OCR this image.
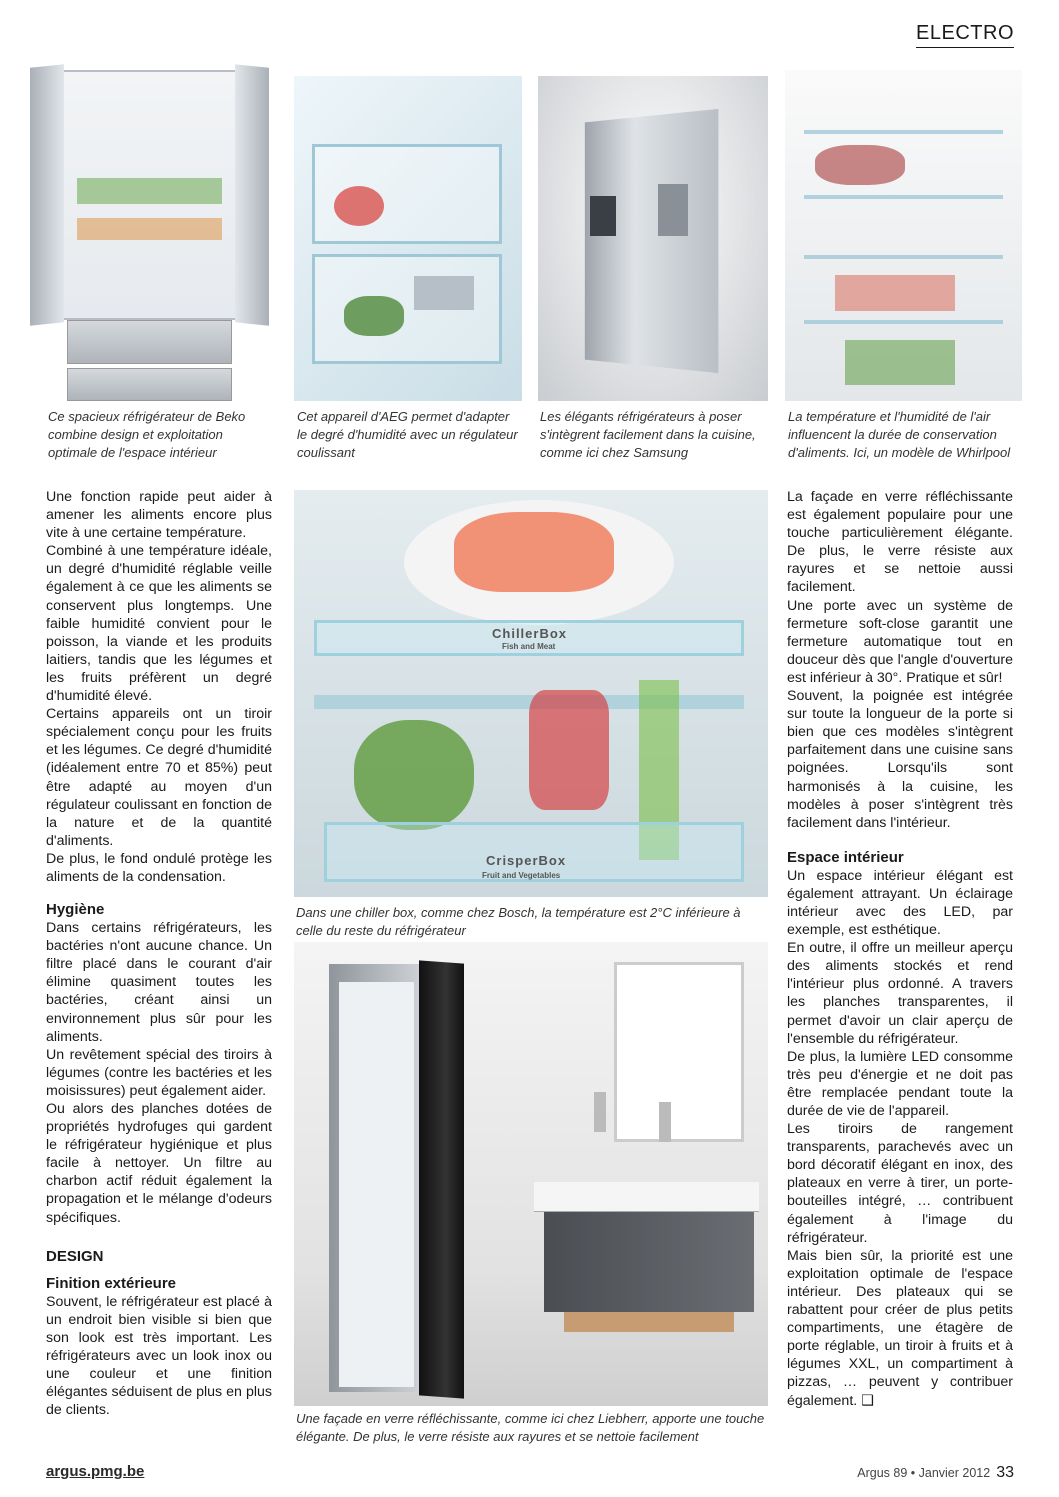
ELECTRO
Ce spacieux réfrigérateur de Beko combine design et exploitation optimale de l'espace intérieur
Cet appareil d'AEG permet d'adapter le degré d'humidité avec un régulateur coulissant
Les élégants réfrigérateurs à poser s'intègrent facilement dans la cuisine, comme ici chez Samsung
La température et l'humidité de l'air influencent la durée de conservation d'aliments. Ici, un modèle de Whirlpool
ChillerBox
Fish and Meat
CrisperBox
Fruit and Vegetables
Dans une chiller box, comme chez Bosch, la température est 2°C inférieure à celle du reste du réfrigérateur
Une façade en verre réfléchissante, comme ici chez Liebherr, apporte une touche élégante. De plus, le verre résiste aux rayures et se nettoie facilement

Une fonction rapide peut aider à amener les aliments encore plus vite à une certaine température.

Combiné à une température idéale, un degré d'humidité réglable veille également à ce que les aliments se conservent plus longtemps. Une faible humidité convient pour le poisson, la viande et les produits laitiers, tandis que les légumes et les fruits préfèrent un degré d'humidité élevé.

Certains appareils ont un tiroir spécialement conçu pour les fruits et les légumes. Ce degré d'humidité (idéalement entre 70 et 85%) peut être adapté au moyen d'un régulateur coulissant en fonction de la nature et de la quantité d'aliments.

De plus, le fond ondulé protège les aliments de la condensation.

Hygiène

Dans certains réfrigérateurs, les bactéries n'ont aucune chance. Un filtre placé dans le courant d'air élimine quasiment toutes les bactéries, créant ainsi un environnement plus sûr pour les aliments.

Un revêtement spécial des tiroirs à légumes (contre les bactéries et les moisissures) peut également aider.

Ou alors des planches dotées de propriétés hydrofuges qui gardent le réfrigérateur hygiénique et plus facile à nettoyer. Un filtre au charbon actif réduit également la propagation et le mélange d'odeurs spécifiques.

DESIGN
Finition extérieure

Souvent, le réfrigérateur est placé à un endroit bien visible si bien que son look est très important. Les réfrigérateurs avec un look inox ou une couleur et une finition élégantes séduisent de plus en plus de clients.

La façade en verre réfléchissante est également populaire pour une touche particulièrement élégante. De plus, le verre résiste aux rayures et se nettoie aussi facilement.

Une porte avec un système de fermeture soft-close garantit une fermeture automatique tout en douceur dès que l'angle d'ouverture est inférieur à 30°. Pratique et sûr!

Souvent, la poignée est intégrée sur toute la longueur de la porte si bien que ces modèles s'intègrent parfaitement dans une cuisine sans poignées. Lorsqu'ils sont harmonisés à la cuisine, les modèles à poser s'intègrent très facilement dans l'intérieur.

Espace intérieur

Un espace intérieur élégant est également attrayant. Un éclairage intérieur avec des LED, par exemple, est esthétique.

En outre, il offre un meilleur aperçu des aliments stockés et rend l'intérieur plus ordonné. A travers les planches transparentes, il permet d'avoir un clair aperçu de l'ensemble du réfrigérateur.

De plus, la lumière LED consomme très peu d'énergie et ne doit pas être remplacée pendant toute la durée de vie de l'appareil.

Les tiroirs de rangement transparents, parachevés avec un bord décoratif élégant en inox, des plateaux en verre à tirer, un porte-bouteilles intégré, … contribuent également à l'image du réfrigérateur.

Mais bien sûr, la priorité est une exploitation optimale de l'espace intérieur. Des plateaux qui se rabattent pour créer de plus petits compartiments, une étagère de porte réglable, un tiroir à fruits et à légumes XXL, un compartiment à pizzas, … peuvent y contribuer également. ❑

argus.pmg.be	Argus 89 • Janvier 2012 33
